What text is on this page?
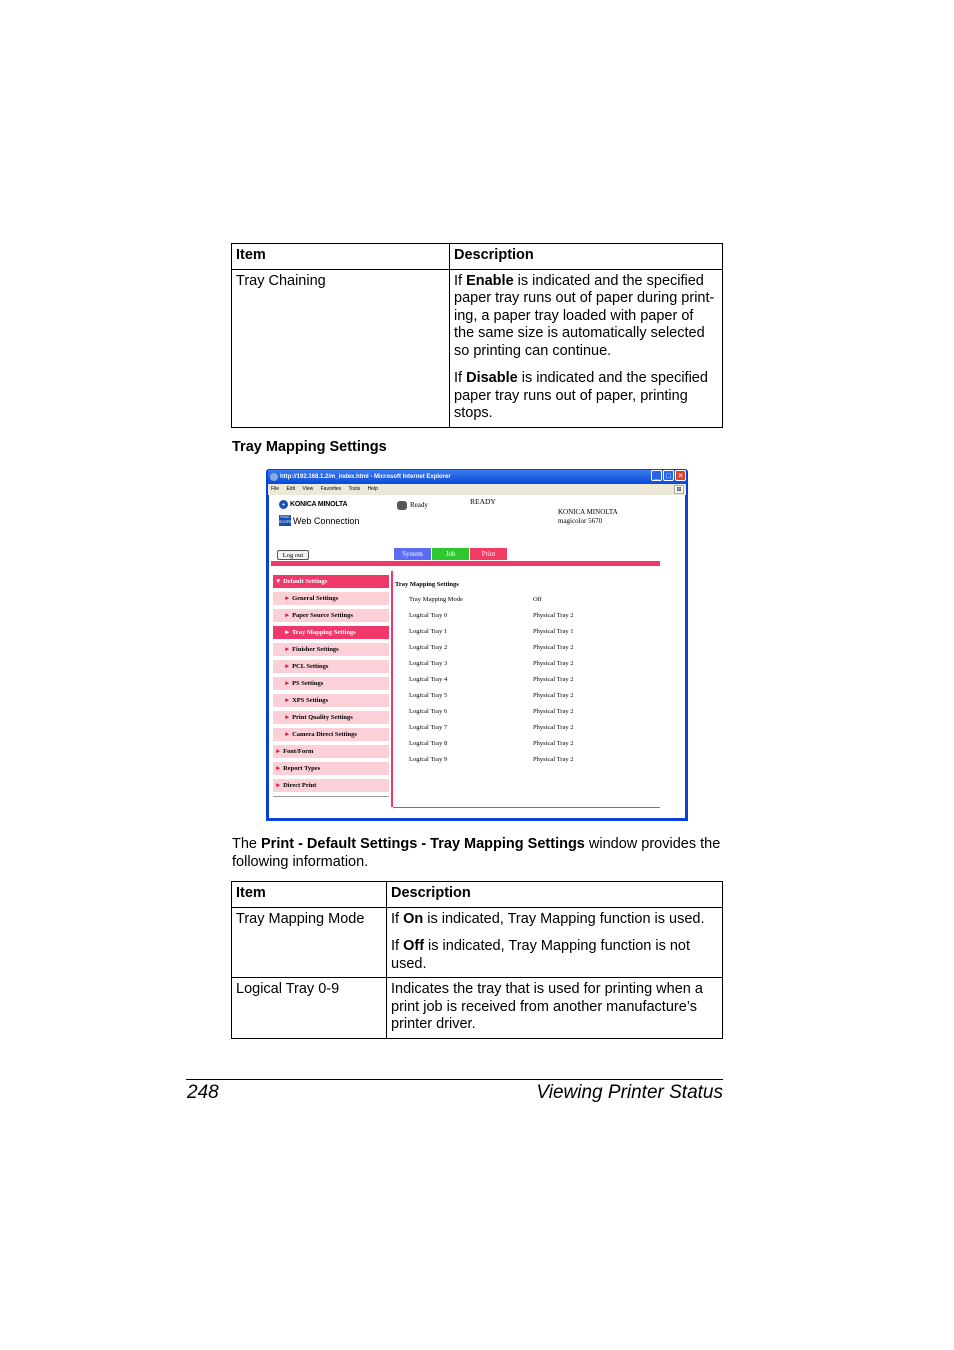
Item	Description
Tray Chaining	If Enable is indicated and the specified paper tray runs out of paper during print-ing, a paper tray loaded with paper of the same size is automatically selected so printing can continue.

If Disable is indicated and the specified paper tray runs out of paper, printing stops.

Tray Mapping Settings
http://192.168.1.2/m_index.html - Microsoft Internet Explorer	_	□ ✕
File Edit View Favorites Tools Help	⊞
KONICA MINOLTA
PAGE SCOPE Web Connection
Ready	READY
KONICA MINOLTA
magicolor 5670
Log out	System	Job	Print
▼ Default Settings
► General Settings
► Paper Source Settings
► Tray Mapping Settings
► Finisher Settings
► PCL Settings
► PS Settings
► XPS Settings
► Print Quality Settings
► Camera Direct Settings
► Font/Form
► Report Types
► Direct Print
Tray Mapping Settings
Tray Mapping Mode	Off
Logical Tray 0	Physical Tray 2
Logical Tray 1	Physical Tray 1
Logical Tray 2	Physical Tray 2
Logical Tray 3	Physical Tray 2
Logical Tray 4	Physical Tray 2
Logical Tray 5	Physical Tray 2
Logical Tray 6	Physical Tray 2
Logical Tray 7	Physical Tray 2
Logical Tray 8	Physical Tray 2
Logical Tray 9	Physical Tray 2
The Print - Default Settings - Tray Mapping Settings window provides the following information.
Item	Description
Tray Mapping Mode	If On is indicated, Tray Mapping function is used.

If Off is indicated, Tray Mapping function is not used.

Logical Tray 0-9	Indicates the tray that is used for printing when a print job is received from another manufacture’s printer driver.

248	Viewing Printer Status
